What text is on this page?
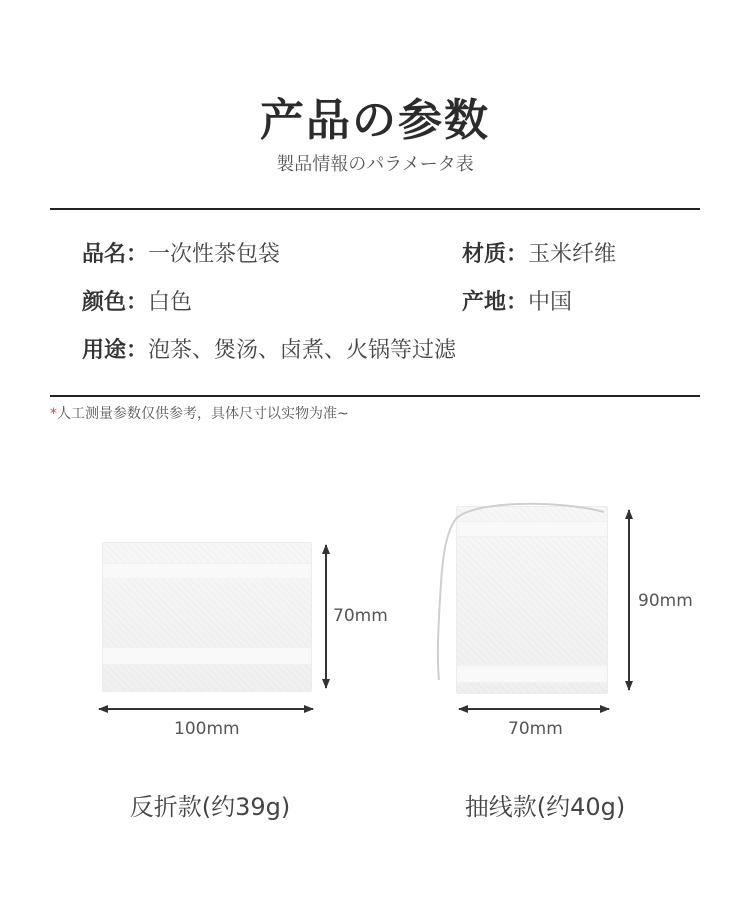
产品の参数
製品情報のパラメータ表
品名：一次性茶包袋	材质：玉米纤维
颜色：白色	产地：中国
用途：泡茶、煲汤、卤煮、火锅等过滤
*人工测量参数仅供参考，具体尺寸以实物为准~
70mm
100mm
90mm
70mm
反折款(约39g)	抽线款(约40g)
